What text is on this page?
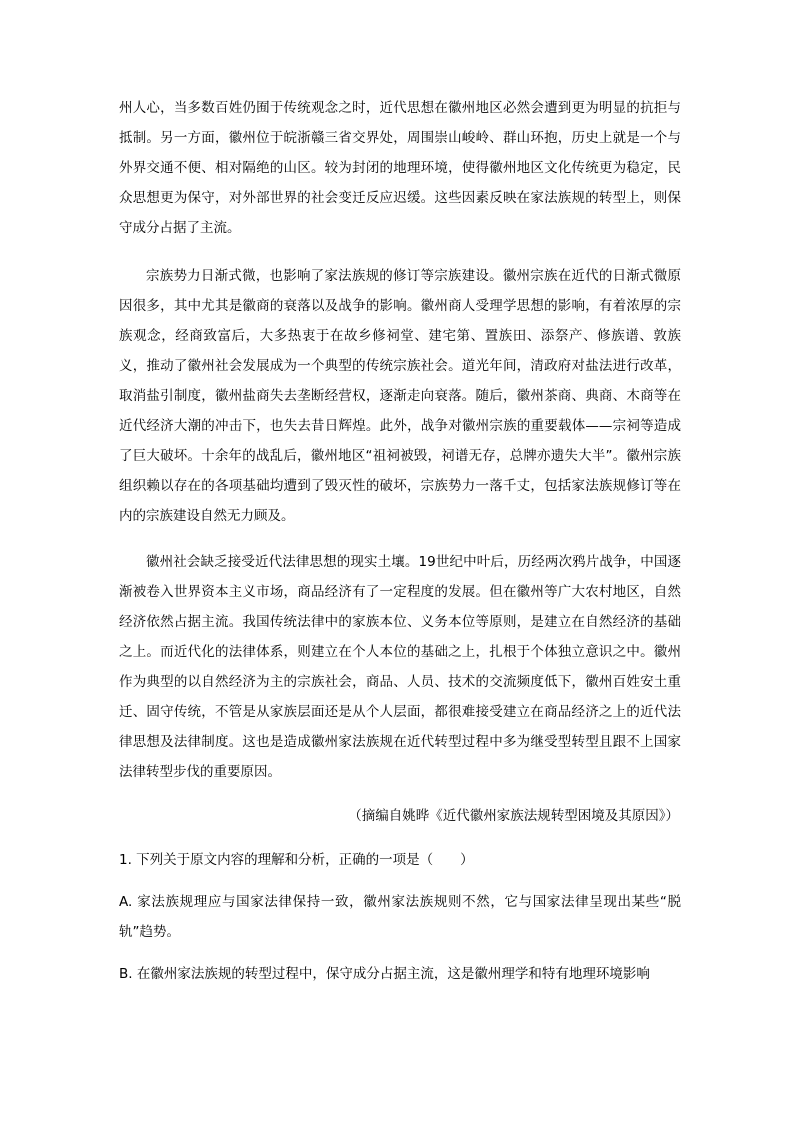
州人心，当多数百姓仍囿于传统观念之时，近代思想在徽州地区必然会遭到更为明显的抗拒与抵制。另一方面，徽州位于皖浙赣三省交界处，周围崇山峻岭、群山环抱，历史上就是一个与外界交通不便、相对隔绝的山区。较为封闭的地理环境，使得徽州地区文化传统更为稳定，民众思想更为保守，对外部世界的社会变迁反应迟缓。这些因素反映在家法族规的转型上，则保守成分占据了主流。

宗族势力日渐式微，也影响了家法族规的修订等宗族建设。徽州宗族在近代的日渐式微原因很多，其中尤其是徽商的衰落以及战争的影响。徽州商人受理学思想的影响，有着浓厚的宗族观念，经商致富后，大多热衷于在故乡修祠堂、建宅第、置族田、添祭产、修族谱、敦族义，推动了徽州社会发展成为一个典型的传统宗族社会。道光年间，清政府对盐法进行改革，取消盐引制度，徽州盐商失去垄断经营权，逐渐走向衰落。随后，徽州茶商、典商、木商等在近代经济大潮的冲击下，也失去昔日辉煌。此外，战争对徽州宗族的重要载体——宗祠等造成了巨大破坏。十余年的战乱后，徽州地区“祖祠被毁，祠谱无存，总牌亦遗失大半”。徽州宗族组织赖以存在的各项基础均遭到了毁灭性的破坏，宗族势力一落千丈，包括家法族规修订等在内的宗族建设自然无力顾及。

徽州社会缺乏接受近代法律思想的现实土壤。19世纪中叶后，历经两次鸦片战争，中国逐渐被卷入世界资本主义市场，商品经济有了一定程度的发展。但在徽州等广大农村地区，自然经济依然占据主流。我国传统法律中的家族本位、义务本位等原则，是建立在自然经济的基础之上。而近代化的法律体系，则建立在个人本位的基础之上，扎根于个体独立意识之中。徽州作为典型的以自然经济为主的宗族社会，商品、人员、技术的交流频度低下，徽州百姓安土重迁、固守传统，不管是从家族层面还是从个人层面，都很难接受建立在商品经济之上的近代法律思想及法律制度。这也是造成徽州家法族规在近代转型过程中多为继受型转型且跟不上国家法律转型步伐的重要原因。

（摘编自姚晔《近代徽州家族法规转型困境及其原因》）

1. 下列关于原文内容的理解和分析，正确的一项是（　　）

A. 家法族规理应与国家法律保持一致，徽州家法族规则不然，它与国家法律呈现出某些“脱轨”趋势。

B. 在徽州家法族规的转型过程中，保守成分占据主流，这是徽州理学和特有地理环境影响
